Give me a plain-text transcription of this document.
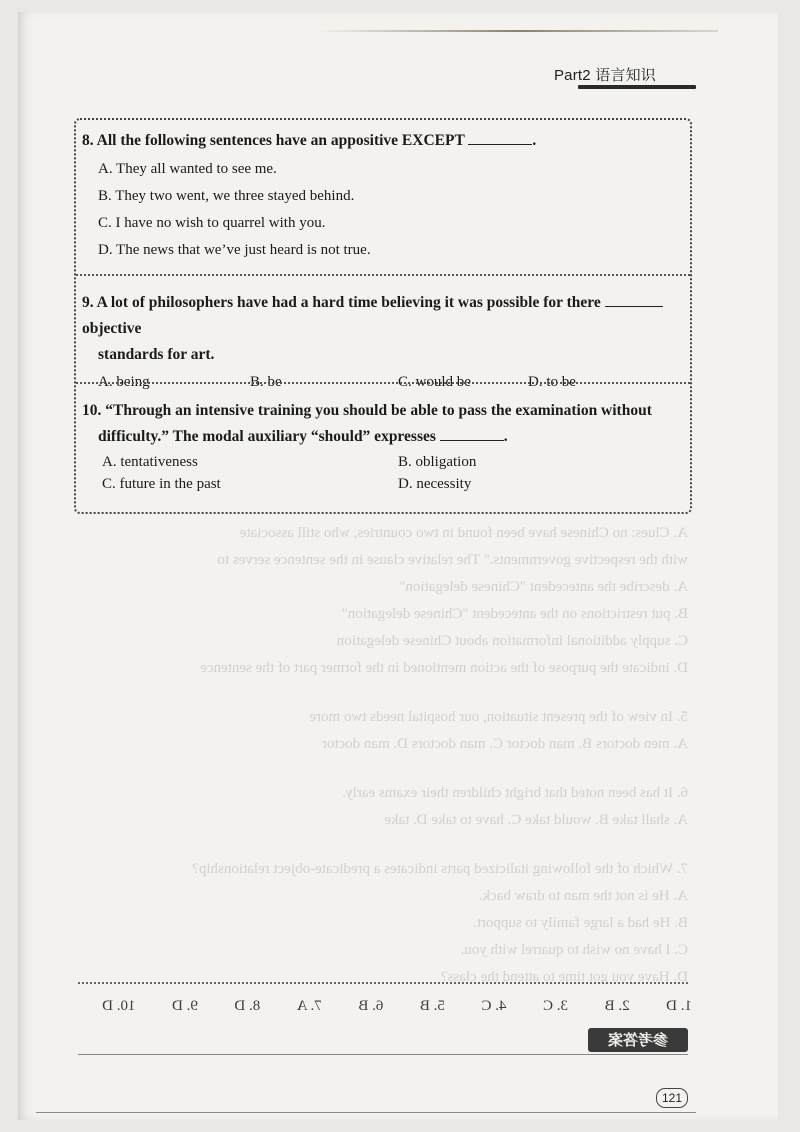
Part2 语言知识
8. All the following sentences have an appositive EXCEPT	.
A. They all wanted to see me.
B. They two went, we three stayed behind.
C. I have no wish to quarrel with you.
D. The news that we’ve just heard is not true.
9. A lot of philosophers have had a hard time believing it was possible for there  objective
standards for art.
A. being	B. be	C. would be	D. to be
10. “Through an intensive training you should be able to pass the examination without
difficulty.” The modal auxiliary “should” expresses	.
A. tentativeness	B. obligation
C. future in the past	D. necessity
A. Clues: no Chinese have been found in two countries, who still associate
with the respective governments." The relative clause in the sentence serves to
A. describe the antecedent "Chinese delegation"
B. put restrictions on the antecedent "Chinese delegation"
C. supply additional information about Chinese delegation
D. indicate the purpose of the action mentioned in the former part of the sentence
5. In view of the present situation, our hospital needs two more
A. men doctors B. man doctor C. man doctors D. man doctor
6. It has been noted that bright children their exams early.
A. shall take B. would take C. have to take D. take
7. Which of the following italicized parts indicates a predicate-object relationship?
A. He is not the man to draw back.
B. He had a large family to support.
C. I have no wish to quarrel with you.
D. Have you got time to attend the class?
1. D
2. B
3. C
4. C
5. B
6. B
7. A
8. D
9. D
10. D
参考答案
121
